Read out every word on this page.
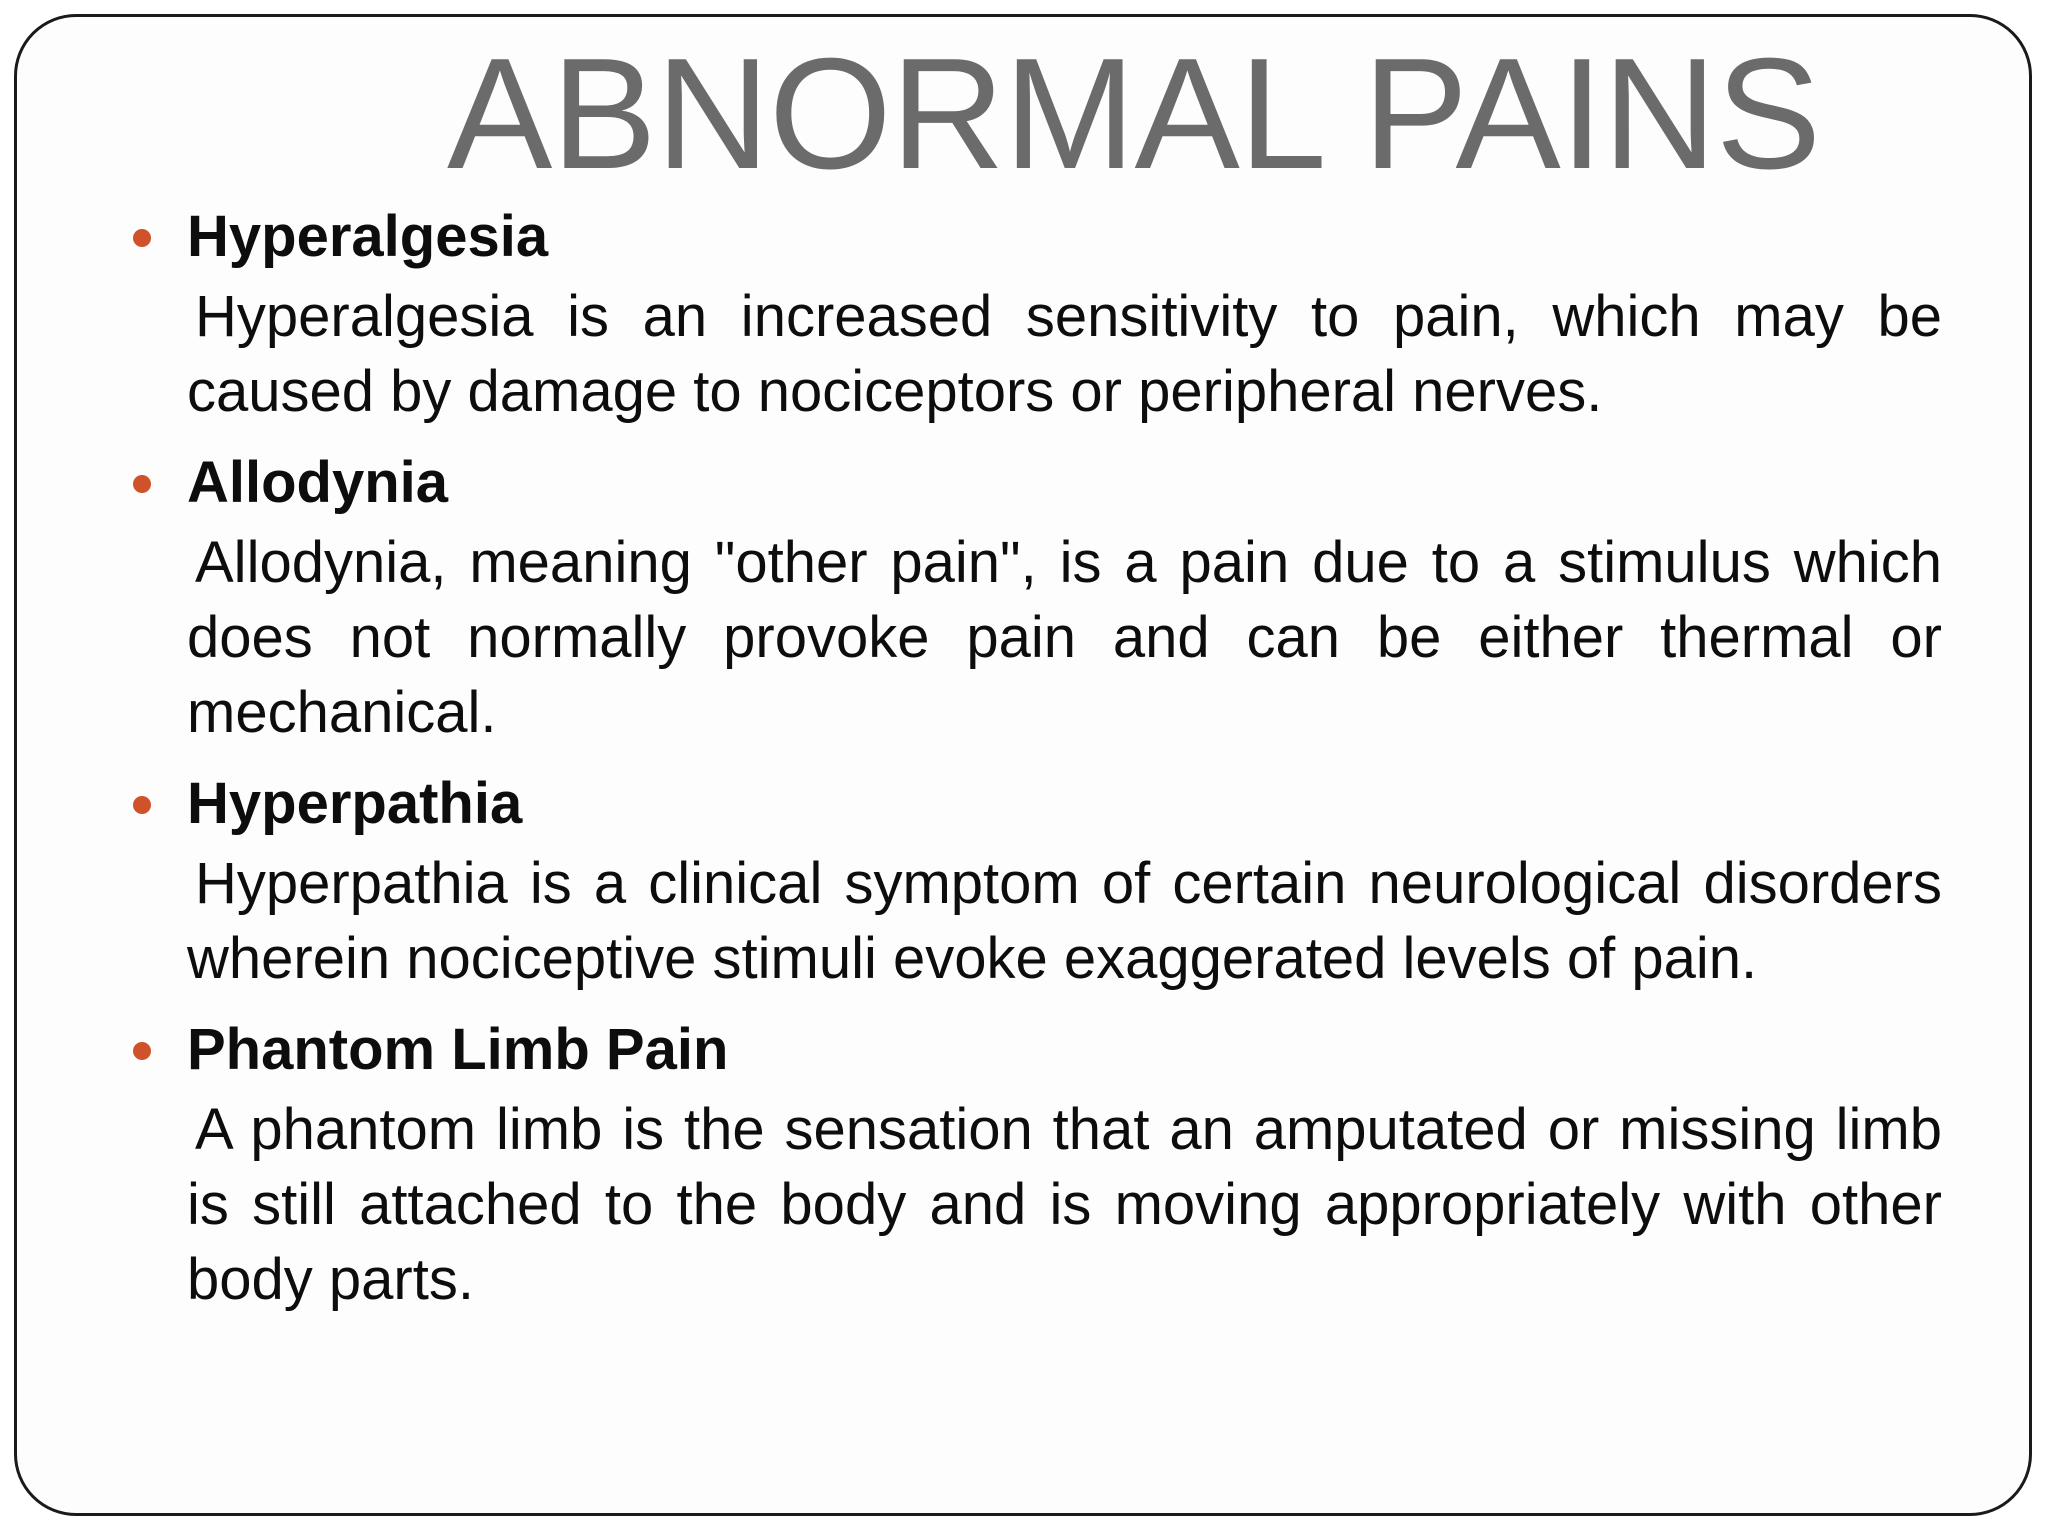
ABNORMAL PAINS

Hyperalgesia

Hyperalgesia is an increased sensitivity to pain, which may be caused by damage to nociceptors or peripheral nerves.

Allodynia

Allodynia, meaning "other pain", is a pain due to a stimulus which does not normally provoke pain and can be either thermal or mechanical.

Hyperpathia

Hyperpathia is a clinical symptom of certain neurological disorders wherein nociceptive stimuli evoke exaggerated levels of pain.

Phantom Limb Pain

A phantom limb is the sensation that an amputated or missing limb is still attached to the body and is moving appropriately with other body parts.
